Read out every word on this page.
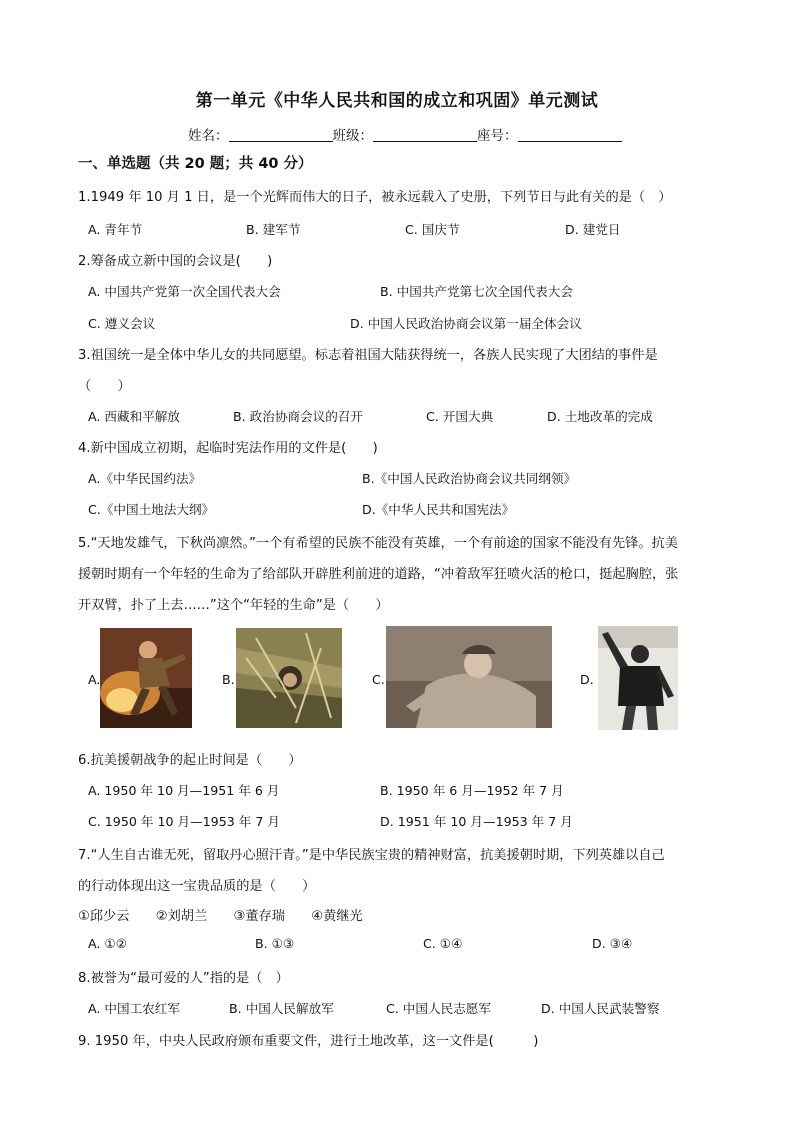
第一单元《中华人民共和国的成立和巩固》单元测试
姓名：	班级：	座号：
一、单选题（共 20 题；共 40 分）
1.1949 年 10 月 1 日，是一个光辉而伟大的日子，被永远载入了史册，下列节日与此有关的是（　）
A. 青年节	B. 建军节	C. 国庆节	D. 建党日
2.筹备成立新中国的会议是(　　)
A. 中国共产党第一次全国代表大会	B. 中国共产党第七次全国代表大会
C. 遵义会议	D. 中国人民政治协商会议第一届全体会议
3.祖国统一是全体中华儿女的共同愿望。标志着祖国大陆获得统一，各族人民实现了大团结的事件是
（　　）
A. 西藏和平解放	B. 政治协商会议的召开	C. 开国大典	D. 土地改革的完成
4.新中国成立初期，起临时宪法作用的文件是(　　)
A.《中华民国约法》	B.《中国人民政治协商会议共同纲领》
C.《中国土地法大纲》	D.《中华人民共和国宪法》
5.“天地发雄气，下秋尚凛然。”一个有希望的民族不能没有英雄，一个有前途的国家不能没有先锋。抗美
援朝时期有一个年轻的生命为了给部队开辟胜利前进的道路，“冲着敌军狂喷火活的枪口，挺起胸腔，张
开双臂，扑了上去……”这个“年轻的生命”是（　　）
A.	B.	C.	D.
6.抗美援朝战争的起止时间是（　　）
A. 1950 年 10 月—1951 年 6 月	B. 1950 年 6 月—1952 年 7 月
C. 1950 年 10 月—1953 年 7 月	D. 1951 年 10 月—1953 年 7 月
7.“人生自古谁无死，留取丹心照汗青。”是中华民族宝贵的精神财富，抗美援朝时期，下列英雄以自己
的行动体现出这一宝贵品质的是（　　）
①邱少云　　②刘胡兰　　③董存瑞　　④黄继光
A. ①②	B. ①③	C. ①④	D. ③④
8.被誉为“最可爱的人”指的是（　）
A. 中国工农红军	B. 中国人民解放军	C. 中国人民志愿军	D. 中国人民武装警察
9. 1950 年，中央人民政府颁布重要文件，进行土地改革，这一文件是(　　　)
